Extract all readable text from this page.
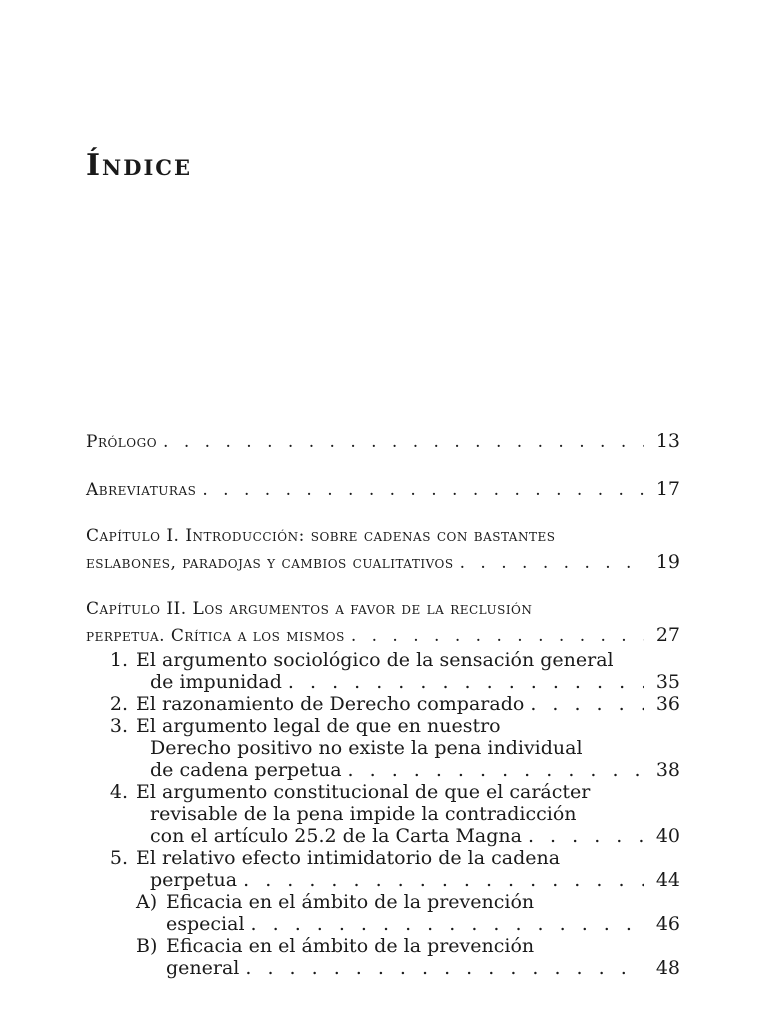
Índice
Prólogo . . .	13
Abreviaturas . . .	17
Capítulo I. Introducción: sobre cadenas con bastantes
eslabones, paradojas y cambios cualitativos . . .	19
Capítulo II. Los argumentos a favor de la reclusión
perpetua. Crítica a los mismos . . .	27
1. El argumento sociológico de la sensación general
de impunidad . . .	35
2. El razonamiento de Derecho comparado . . .	36
3. El argumento legal de que en nuestro
Derecho positivo no existe la pena individual
de cadena perpetua . . .	38
4. El argumento constitucional de que el carácter
revisable de la pena impide la contradicción
con el artículo 25.2 de la Carta Magna . . .	40
5. El relativo efecto intimidatorio de la cadena
perpetua . . .	44
A) Eficacia en el ámbito de la prevención
especial . . .	46
B) Eficacia en el ámbito de la prevención
general . . .	48
